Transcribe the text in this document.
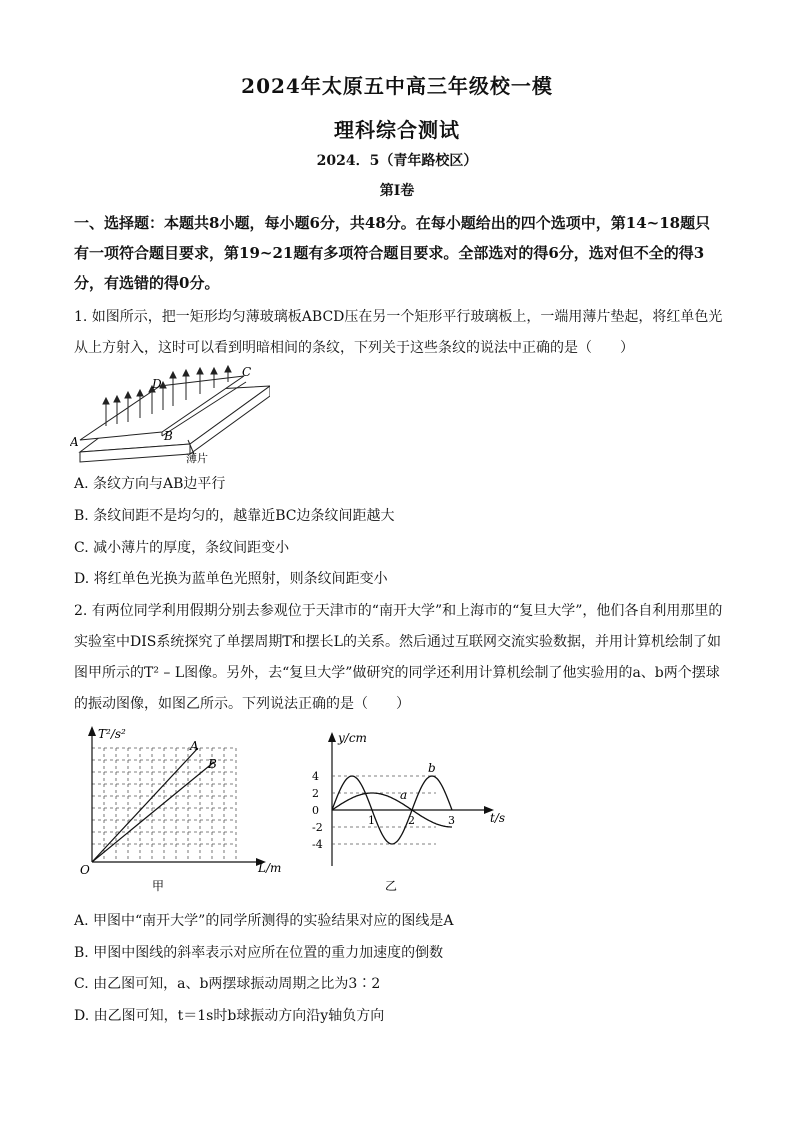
2024年太原五中高三年级校一模
理科综合测试
2024．5（青年路校区）
第Ⅰ卷
一、选择题：本题共8小题，每小题6分，共48分。在每小题给出的四个选项中，第14~18题只有一项符合题目要求，第19~21题有多项符合题目要求。全部选对的得6分，选对但不全的得3分，有选错的得0分。
1. 如图所示，把一矩形均匀薄玻璃板ABCD压在另一个矩形平行玻璃板上，一端用薄片垫起，将红单色光从上方射入，这时可以看到明暗相间的条纹，下列关于这些条纹的说法中正确的是（　　）
A	B
C
D
薄片
A. 条纹方向与AB边平行
B. 条纹间距不是均匀的，越靠近BC边条纹间距越大
C. 减小薄片的厚度，条纹间距变小
D. 将红单色光换为蓝单色光照射，则条纹间距变小
2. 有两位同学利用假期分别去参观位于天津市的“南开大学”和上海市的“复旦大学”，他们各自利用那里的实验室中DIS系统探究了单摆周期T和摆长L的关系。然后通过互联网交流实验数据，并用计算机绘制了如图甲所示的T² – L图像。另外，去“复旦大学”做研究的同学还利用计算机绘制了他实验用的a、b两个摆球的振动图像，如图乙所示。下列说法正确的是（　　）
A
B
T²/s²
L/m
O
甲
y/cm
t/s
乙
4
2
0
-2
-4
1	2	3
a
b
A. 甲图中“南开大学”的同学所测得的实验结果对应的图线是A
B. 甲图中图线的斜率表示对应所在位置的重力加速度的倒数
C. 由乙图可知，a、b两摆球振动周期之比为3∶2
D. 由乙图可知，t＝1s时b球振动方向沿y轴负方向
